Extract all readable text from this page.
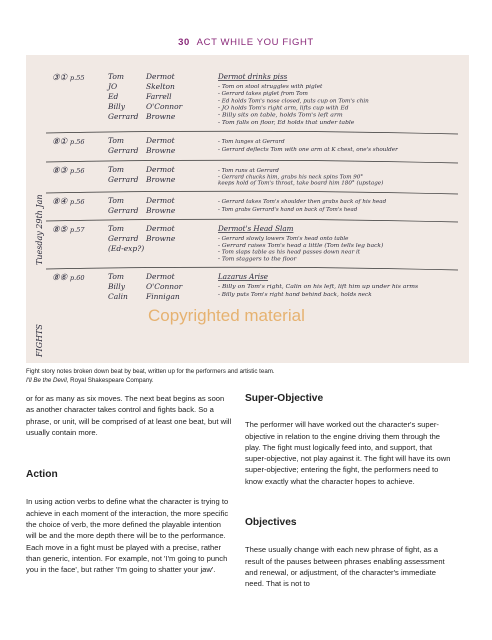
30 ACT WHILE YOU FIGHT
③① p.55	Tom	Dermot
JO	Skelton
Ed	Farrell
Billy	O'Connor
Gerrard Browne
Dermot drinks piss
- Tom on stool struggles with piglet
- Gerrard takes piglet from Tom
- Ed holds Tom's nose closed, puts cup on Tom's chin
- JO holds Tom's right arm, lifts cup with Ed
- Billy sits on table, holds Tom's left arm
- Tom falls on floor, Ed holds that under table
⑧① p.56	Tom	Dermot
Gerrard Browne
- Tom lunges at Gerrard
- Gerrard deflects Tom with one arm at K chest, one's shoulder
⑧③ p.56	Tom	Dermot
Gerrard Browne
- Tom runs at Gerrard
- Gerrard chucks him, grabs his neck spins Tom 90°
keeps hold of Tom's throat, take board him 180° (upstage)
⑧④ p.56	Tom	Dermot
Gerrard Browne
- Gerrard takes Tom's shoulder then grabs back of his head
- Tom grabs Gerrard's hand on back of Tom's head
⑧⑤ p.57	Tom	Dermot
Gerrard Browne
(Ed-exp?)
Dermot's Head Slam
- Gerrard slowly lowers Tom's head onto table
- Gerrard raises Tom's head a little (Tom tells leg back)
- Tom slaps table as his head passes down near it
- Tom staggers to the floor
⑧⑥ p.60	Tom	Dermot
Billy	O'Connor
Calin Finnigan
Lazarus Arise
- Billy on Tom's right, Calin on his left, lift him up under his arms
- Billy puts Tom's right hand behind back, holds neck
Tuesday 29th Jan
FIGHTS
Copyrighted material
Fight story notes broken down beat by beat, written up for the performers and artistic team.
I'll Be the Devil, Royal Shakespeare Company.

or for as many as six moves. The next beat begins as soon as another character takes control and fights back. So a phrase, or unit, will be comprised of at least one beat, but will usually contain more.

Action

In using action verbs to define what the character is trying to achieve in each moment of the interaction, the more specific the choice of verb, the more defined the playable intention will be and the more depth there will be to the performance. Each move in a fight must be played with a precise, rather than generic, intention. For example, not 'I'm going to punch you in the face', but rather 'I'm going to shatter your jaw'.

Super-Objective

The performer will have worked out the character's super-objective in relation to the engine driving them through the play. The fight must logically feed into, and support, that super-objective, not play against it. The fight will have its own super-objective; entering the fight, the performers need to know exactly what the character hopes to achieve.

Objectives

These usually change with each new phrase of fight, as a result of the pauses between phrases enabling assessment and renewal, or adjustment, of the character's immediate need. That is not to
